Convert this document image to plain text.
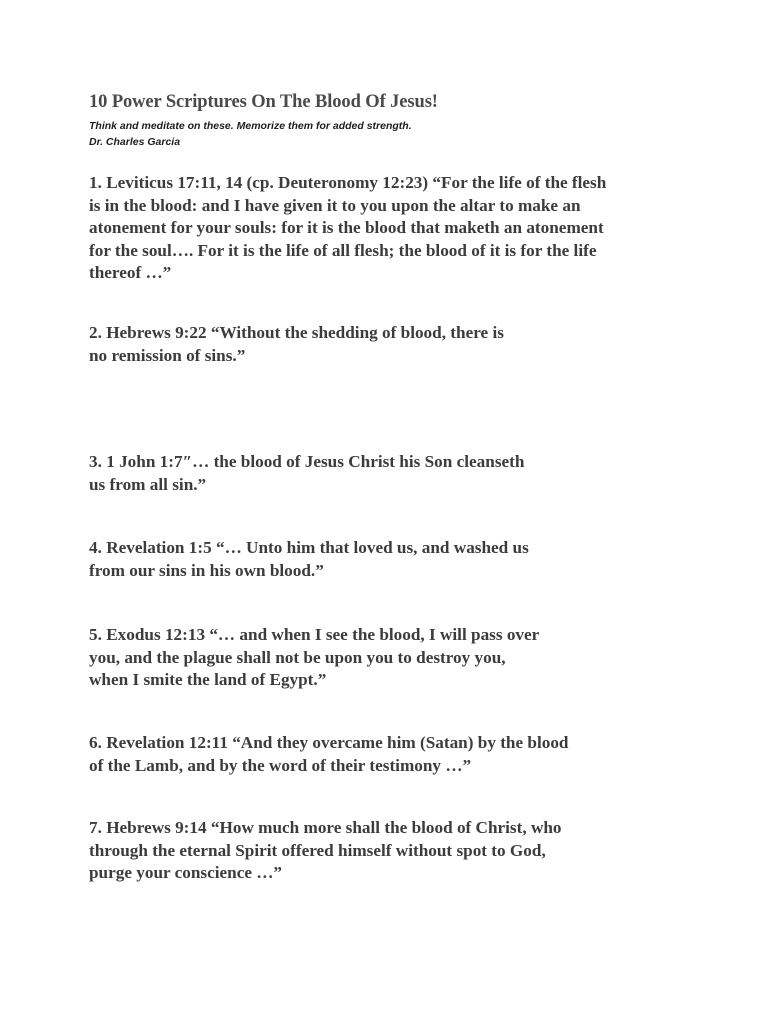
10 Power Scriptures On The Blood Of Jesus!
Think and meditate on these. Memorize them for added strength.
Dr. Charles Garcia
1. Leviticus 17:11, 14 (cp. Deuteronomy 12:23) “For the life of the flesh
is in the blood: and I have given it to you upon the altar to make an
atonement for your souls: for it is the blood that maketh an atonement
for the soul…. For it is the life of all flesh; the blood of it is for the life
thereof …”
2. Hebrews 9:22 “Without the shedding of blood, there is
no remission of sins.”
3. 1 John 1:7″… the blood of Jesus Christ his Son cleanseth
us from all sin.”
4. Revelation 1:5 “… Unto him that loved us, and washed us
from our sins in his own blood.”
5. Exodus 12:13 “… and when I see the blood, I will pass over
you, and the plague shall not be upon you to destroy you,
when I smite the land of Egypt.”
6. Revelation 12:11 “And they overcame him (Satan) by the blood
of the Lamb, and by the word of their testimony …”
7. Hebrews 9:14 “How much more shall the blood of Christ, who
through the eternal Spirit offered himself without spot to God,
purge your conscience …”
